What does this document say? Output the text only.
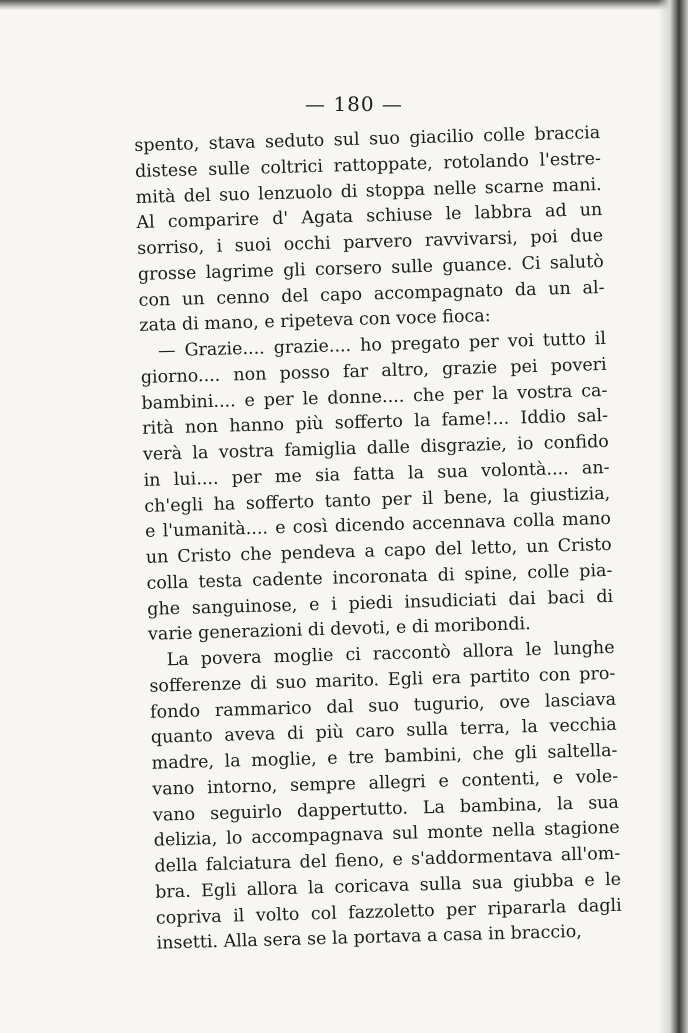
— 180 —
spento, stava seduto sul suo giacilio colle braccia
distese sulle coltrici rattoppate, rotolando l'estre-
mità del suo lenzuolo di stoppa nelle scarne mani.
Al comparire d' Agata schiuse le labbra ad un
sorriso, i suoi occhi parvero ravvivarsi, poi due
grosse lagrime gli corsero sulle guance. Ci salutò
con un cenno del capo accompagnato da un al-
zata di mano, e ripeteva con voce fioca:
— Grazie.... grazie.... ho pregato per voi tutto il
giorno.... non posso far altro, grazie pei poveri
bambini.... e per le donne.... che per la vostra ca-
rità non hanno più sofferto la fame!... Iddio sal-
verà la vostra famiglia dalle disgrazie, io confido
in lui.... per me sia fatta la sua volontà.... an-
ch'egli ha sofferto tanto per il bene, la giustizia,
e l'umanità.... e così dicendo accennava colla mano
un Cristo che pendeva a capo del letto, un Cristo
colla testa cadente incoronata di spine, colle pia-
ghe sanguinose, e i piedi insudiciati dai baci di
varie generazioni di devoti, e di moribondi.
La povera moglie ci raccontò allora le lunghe
sofferenze di suo marito. Egli era partito con pro-
fondo rammarico dal suo tugurio, ove lasciava
quanto aveva di più caro sulla terra, la vecchia
madre, la moglie, e tre bambini, che gli saltella-
vano intorno, sempre allegri e contenti, e vole-
vano seguirlo dappertutto. La bambina, la sua
delizia, lo accompagnava sul monte nella stagione
della falciatura del fieno, e s'addormentava all'om-
bra. Egli allora la coricava sulla sua giubba e le
copriva il volto col fazzoletto per ripararla dagli
insetti. Alla sera se la portava a casa in braccio,
